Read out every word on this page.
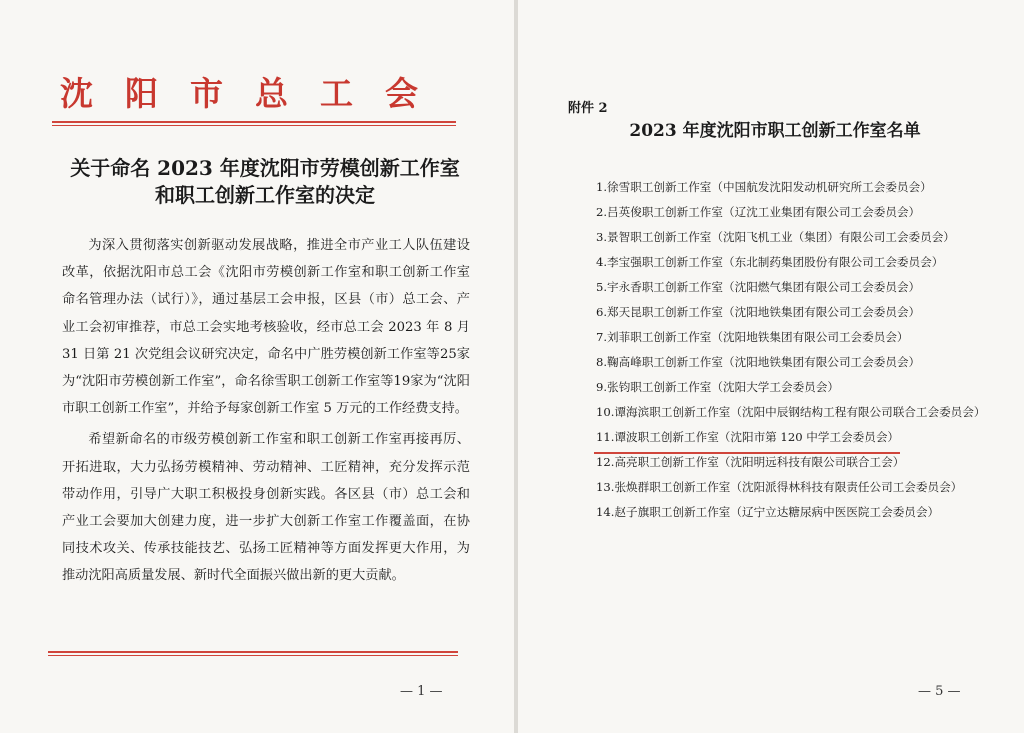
沈阳市总工会
关于命名 2023 年度沈阳市劳模创新工作室
和职工创新工作室的决定

为深入贯彻落实创新驱动发展战略，推进全市产业工人队伍建设改革，依据沈阳市总工会《沈阳市劳模创新工作室和职工创新工作室命名管理办法（试行）》，通过基层工会申报，区县（市）总工会、产业工会初审推荐，市总工会实地考核验收，经市总工会 2023 年 8 月 31 日第 21 次党组会议研究决定，命名中广胜劳模创新工作室等25家为“沈阳市劳模创新工作室”，命名徐雪职工创新工作室等19家为“沈阳市职工创新工作室”，并给予每家创新工作室 5 万元的工作经费支持。

希望新命名的市级劳模创新工作室和职工创新工作室再接再厉、开拓进取，大力弘扬劳模精神、劳动精神、工匠精神，充分发挥示范带动作用，引导广大职工积极投身创新实践。各区县（市）总工会和产业工会要加大创建力度，进一步扩大创新工作室工作覆盖面，在协同技术攻关、传承技能技艺、弘扬工匠精神等方面发挥更大作用，为推动沈阳高质量发展、新时代全面振兴做出新的更大贡献。

— 1 —
附件 2
2023 年度沈阳市职工创新工作室名单
1.徐雪职工创新工作室（中国航发沈阳发动机研究所工会委员会）
2.吕英俊职工创新工作室（辽沈工业集团有限公司工会委员会）
3.景智职工创新工作室（沈阳飞机工业（集团）有限公司工会委员会）
4.李宝强职工创新工作室（东北制药集团股份有限公司工会委员会）
5.宇永香职工创新工作室（沈阳燃气集团有限公司工会委员会）
6.郑天昆职工创新工作室（沈阳地铁集团有限公司工会委员会）
7.刘菲职工创新工作室（沈阳地铁集团有限公司工会委员会）
8.鞠高峰职工创新工作室（沈阳地铁集团有限公司工会委员会）
9.张钧职工创新工作室（沈阳大学工会委员会）
10.谭海滨职工创新工作室（沈阳中辰钢结构工程有限公司联合工会委员会）
11.谭波职工创新工作室（沈阳市第 120 中学工会委员会）
12.高亮职工创新工作室（沈阳明远科技有限公司联合工会）
13.张焕群职工创新工作室（沈阳派得林科技有限责任公司工会委员会）
14.赵子旗职工创新工作室（辽宁立达糖尿病中医医院工会委员会）
— 5 —
